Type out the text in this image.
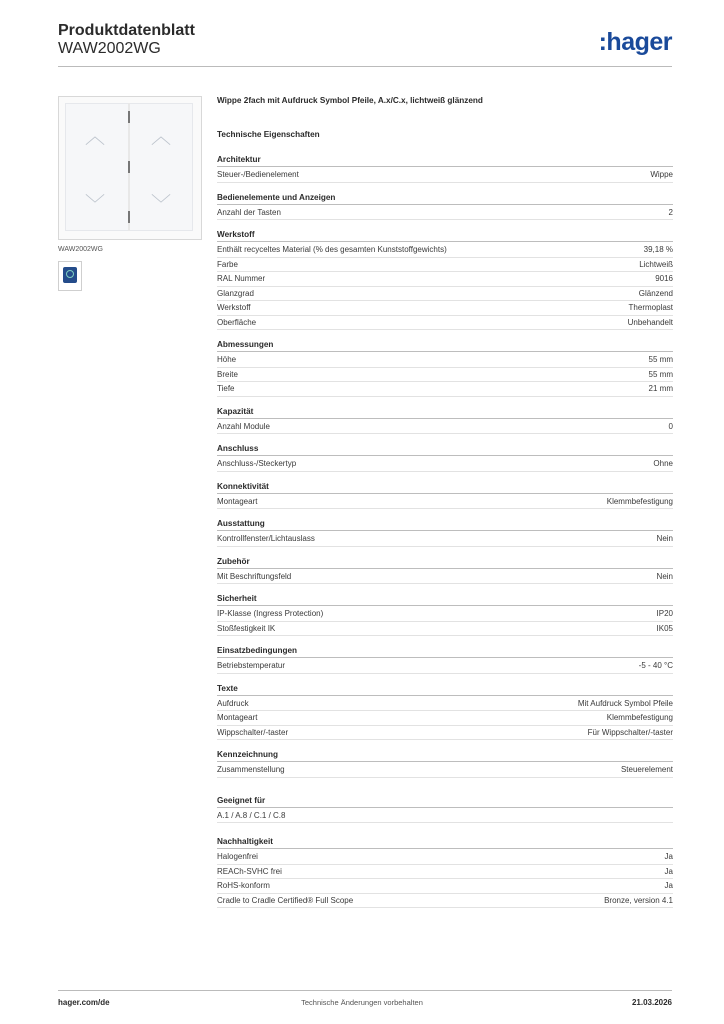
Produktdatenblatt
WAW2002WG	:hager
︿ ︿
﹀ ﹀
WAW2002WG
Wippe 2fach mit Aufdruck Symbol Pfeile, A.x/C.x, lichtweiß glänzend
Technische Eigenschaften
Architektur
Steuer-/Bedienelement	Wippe
Bedienelemente und Anzeigen
Anzahl der Tasten	2
Werkstoff
Enthält recyceltes Material (% des gesamten Kunststoffgewichts)	39,18 %
Farbe	Lichtweiß
RAL Nummer	9016
Glanzgrad	Glänzend
Werkstoff	Thermoplast
Oberfläche	Unbehandelt
Abmessungen
Höhe	55 mm
Breite	55 mm
Tiefe	21 mm
Kapazität
Anzahl Module	0
Anschluss
Anschluss-/Steckertyp	Ohne
Konnektivität
Montageart	Klemmbefestigung
Ausstattung
Kontrollfenster/Lichtauslass	Nein
Zubehör
Mit Beschriftungsfeld	Nein
Sicherheit
IP-Klasse (Ingress Protection)	IP20
Stoßfestigkeit IK	IK05
Einsatzbedingungen
Betriebstemperatur	-5 - 40 °C
Texte
Aufdruck	Mit Aufdruck Symbol Pfeile
Montageart	Klemmbefestigung
Wippschalter/-taster	Für Wippschalter/-taster
Kennzeichnung
Zusammenstellung	Steuerelement
Geeignet für
A.1 / A.8 / C.1 / C.8
Nachhaltigkeit
Halogenfrei	Ja
REACh-SVHC frei	Ja
RoHS-konform	Ja
Cradle to Cradle Certified® Full Scope	Bronze, version 4.1
hager.com/de	Technische Änderungen vorbehalten	21.03.2026
